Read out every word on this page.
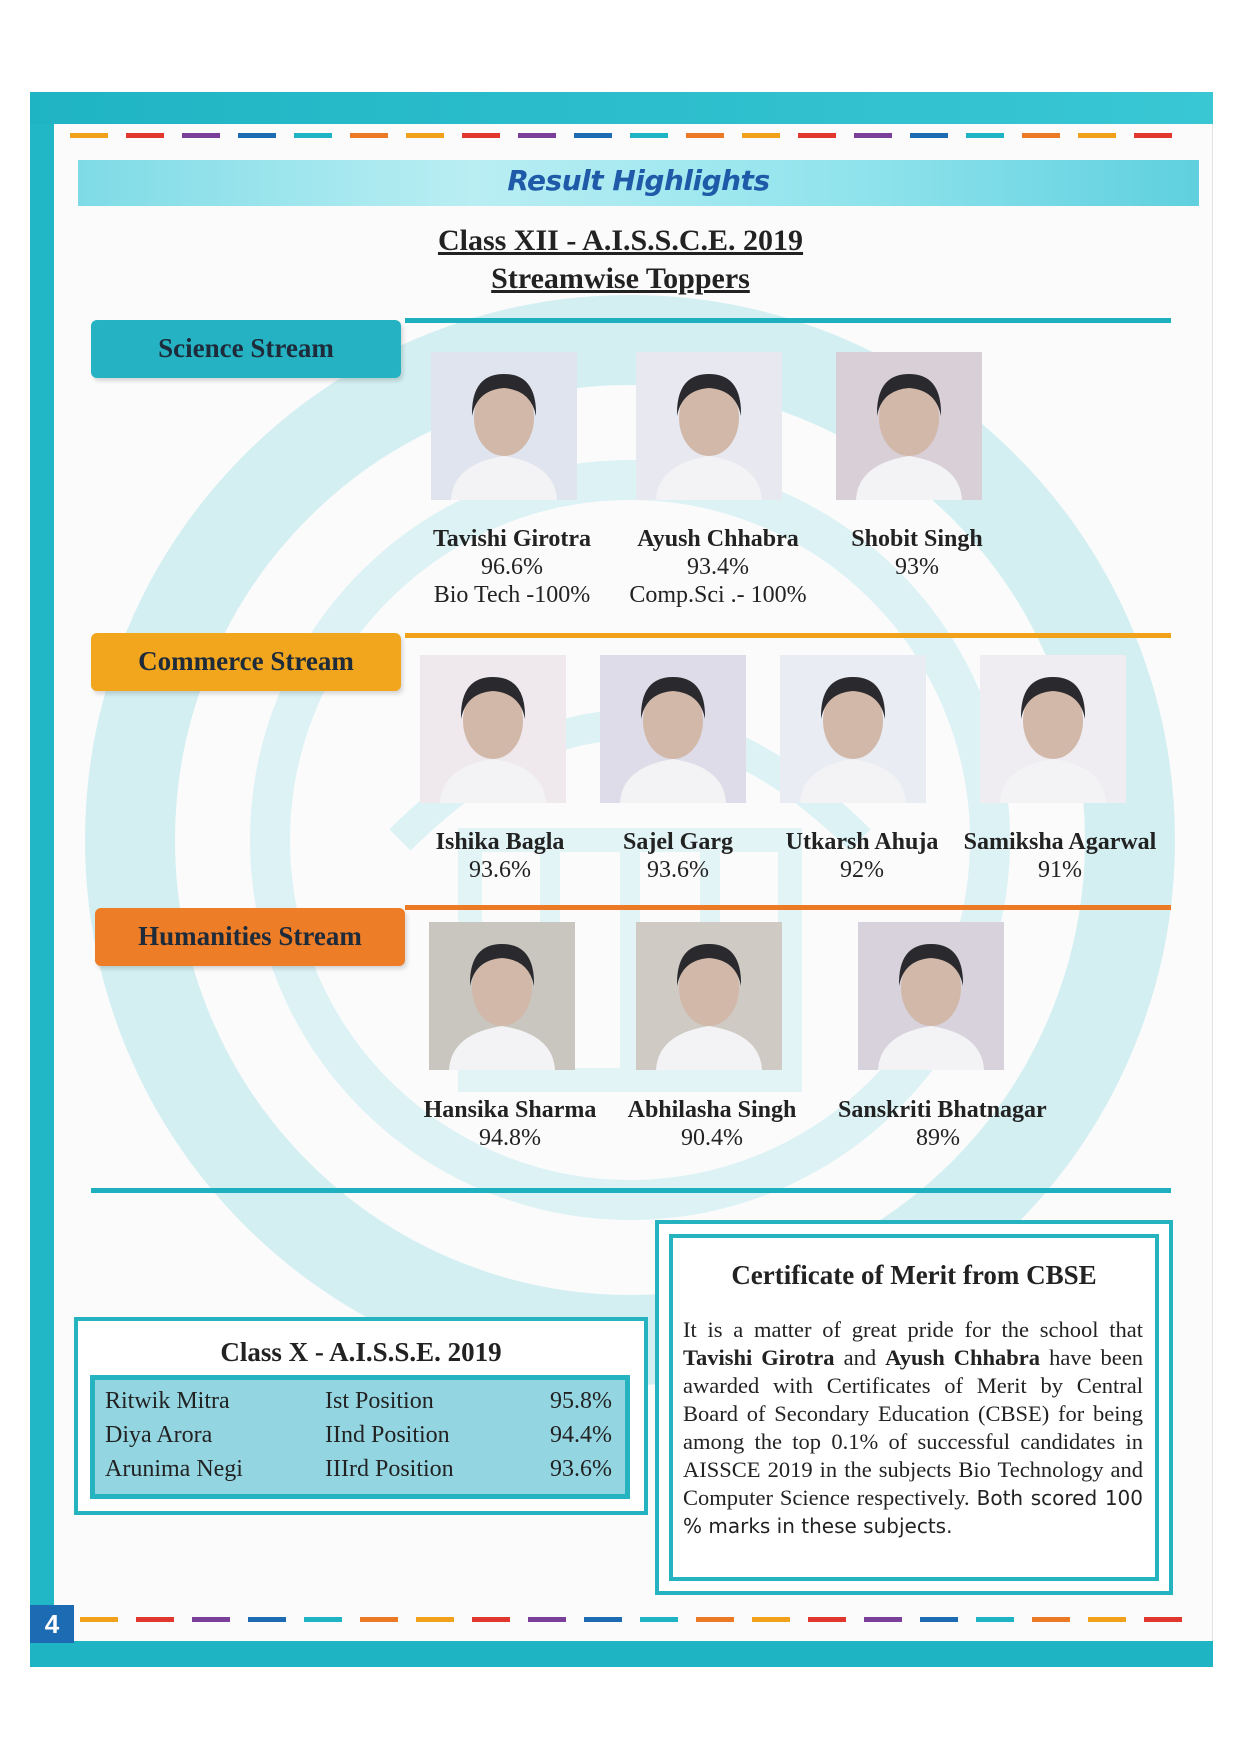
4
Result Highlights
Class XII - A.I.S.S.C.E. 2019
Streamwise Toppers
Science Stream
Tavishi Girotra
96.6%
Bio Tech -100%
Ayush Chhabra
93.4%
Comp.Sci .- 100%
Shobit Singh
93%
Commerce Stream
Ishika Bagla
93.6%
Sajel Garg
93.6%
Utkarsh Ahuja
92%
Samiksha Agarwal
91%
Humanities Stream
Hansika Sharma
94.8%
Abhilasha Singh
90.4%
Sanskriti Bhatnagar
89%
Class X - A.I.S.S.E. 2019
Ritwik Mitra	Ist Position	95.8%
Diya Arora	IInd Position	94.4%
Arunima Negi	IIIrd Position	93.6%
Certificate of Merit from CBSE
It is a matter of great pride for the school that Tavishi Girotra and Ayush Chhabra have been awarded with Certificates of Merit by Central Board of Secondary Education (CBSE) for being among the top 0.1% of successful candidates in AISSCE 2019 in the subjects Bio Technology and Computer Science respectively. Both scored 100 % marks in these subjects.
